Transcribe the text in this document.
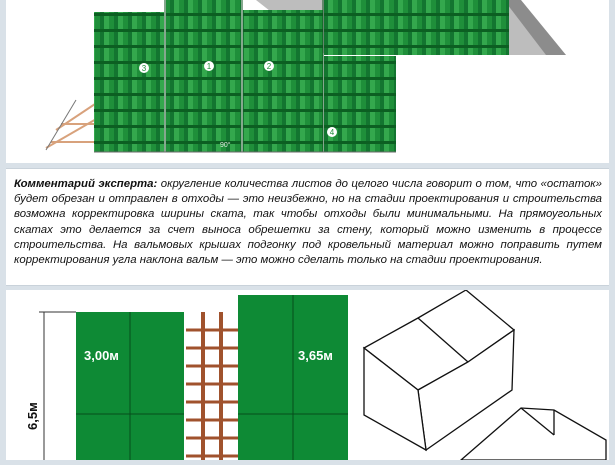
3	1	2
4
90°

Комментарий эксперта: округление количества листов до целого числа говорит о том, что «остаток» будет обрезан и отправлен в отходы — это неизбежно, но на стадии проектирования и строительства возможна корректировка ширины ската, так чтобы отходы были минимальными. На прямоугольных скатах это делается за счет выноса обрешетки за стену, который можно изменить в процессе строительства. На вальмовых крышах подгонку под кровельный материал можно поправить путем корректирования угла наклона вальм — это можно сделать только на стадии проектирования.

6,5м
3,00м	3,65м
